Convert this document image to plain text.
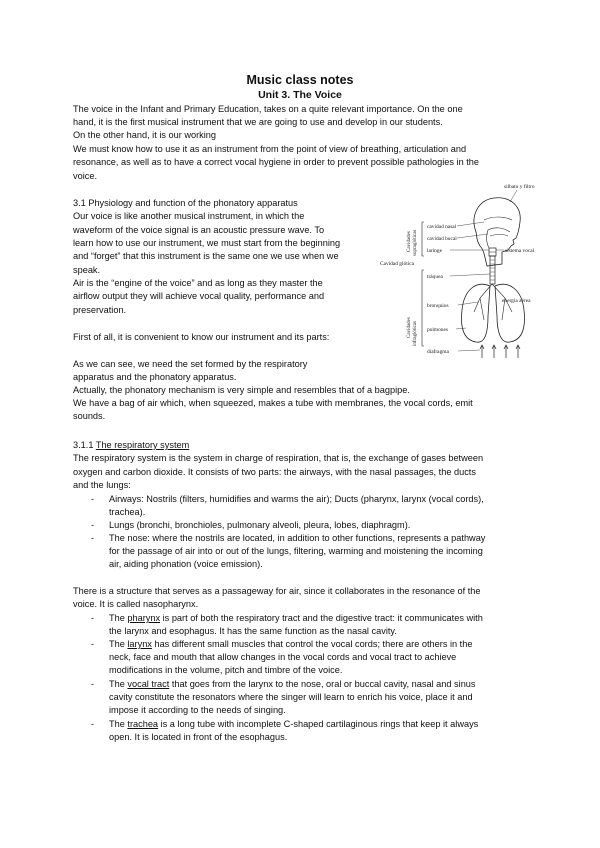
Music class notes
Unit 3. The Voice
The voice in the Infant and Primary Education, takes on a quite relevant importance. On the one
hand, it is the first musical instrument that we are going to use and develop in our students.
On the other hand, it is our working
We must know how to use it as an instrument from the point of view of breathing, articulation and
resonance, as well as to have a correct vocal hygiene in order to prevent possible pathologies in the
voice.
3.1 Physiology and function of the phonatory apparatus
Our voice is like another musical instrument, in which the
waveform of the voice signal is an acoustic pressure wave. To
learn how to use our instrument, we must start from the beginning
and “forget” that this instrument is the same one we use when we
speak.
Air is the “engine of the voice” and as long as they master the
airflow output they will achieve vocal quality, performance and
preservation.
First of all, it is convenient to know our instrument and its parts:
As we can see, we need the set formed by the respiratory
apparatus and the phonatory apparatus.
Actually, the phonatory mechanism is very simple and resembles that of a bagpipe.
We have a bag of air which, when squeezed, makes a tube with membranes, the vocal cords, emit
sounds.
Cavidades supraglóticas
Cavidades infraglóticas
cavidad nasal
cavidad bucal
laringe
Cavidad glótica
tráquea
bronquios
pulmones
diafragma
silbato y filtro
sistema vocal
energía aérea
3.1.1 The respiratory system
The respiratory system is the system in charge of respiration, that is, the exchange of gases between
oxygen and carbon dioxide. It consists of two parts: the airways, with the nasal passages, the ducts
and the lungs:
- Airways: Nostrils (filters, humidifies and warms the air); Ducts (pharynx, larynx (vocal cords),
trachea).
- Lungs (bronchi, bronchioles, pulmonary alveoli, pleura, lobes, diaphragm).
- The nose: where the nostrils are located, in addition to other functions, represents a pathway
for the passage of air into or out of the lungs, filtering, warming and moistening the incoming
air, aiding phonation (voice emission).
There is a structure that serves as a passageway for air, since it collaborates in the resonance of the
voice. It is called nasopharynx.
- The pharynx is part of both the respiratory tract and the digestive tract: it communicates with
the larynx and esophagus. It has the same function as the nasal cavity.
- The larynx has different small muscles that control the vocal cords; there are others in the
neck, face and mouth that allow changes in the vocal cords and vocal tract to achieve
modifications in the volume, pitch and timbre of the voice.
- The vocal tract that goes from the larynx to the nose, oral or buccal cavity, nasal and sinus
cavity constitute the resonators where the singer will learn to enrich his voice, place it and
impose it according to the needs of singing.
- The trachea is a long tube with incomplete C-shaped cartilaginous rings that keep it always
open. It is located in front of the esophagus.
